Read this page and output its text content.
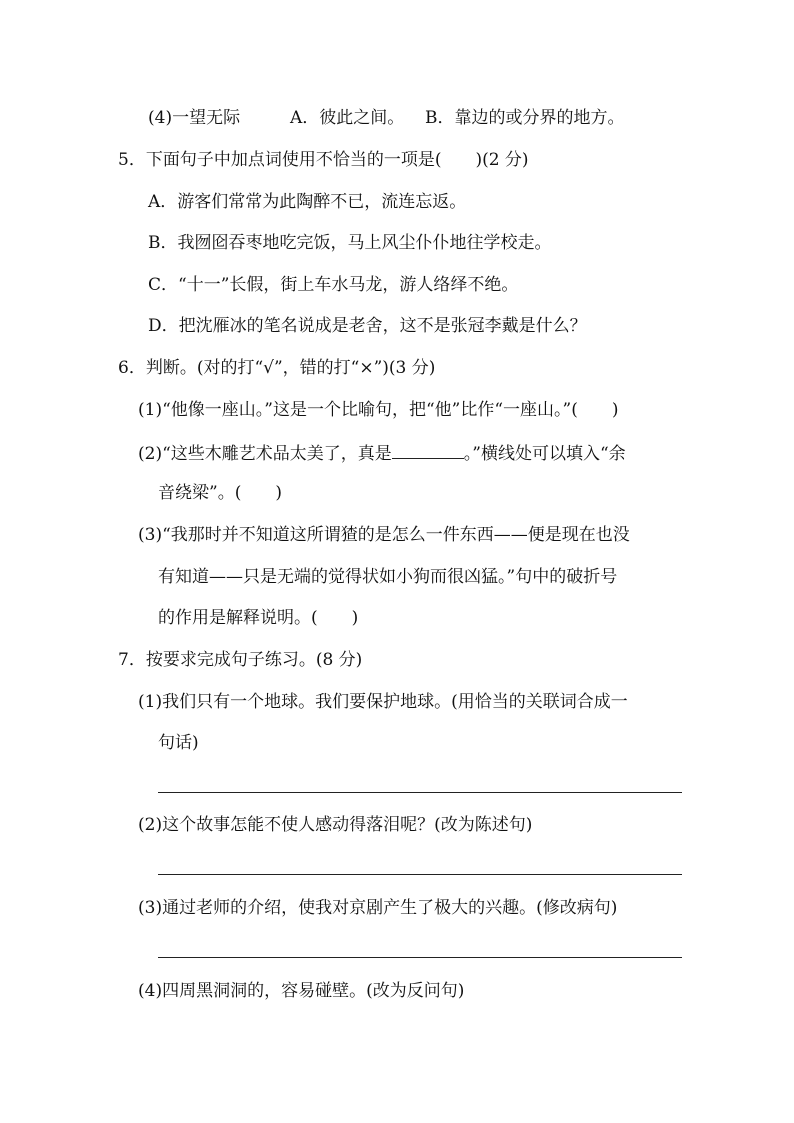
(4)一望无际	A．彼此之间。 B．靠边的或分界的地方。
5．下面句子中加点词使用不恰当的一项是(　　)(2 分)
A．游客们常常为此陶醉不已，流连忘返。
B．我囫囵吞枣地吃完饭，马上风尘仆仆地往学校走。
C．“十一”长假，街上车水马龙，游人络绎不绝。
D．把沈雁冰的笔名说成是老舍，这不是张冠李戴是什么？
6．判断。(对的打“√”，错的打“×”)(3 分)
(1)“他像一座山。”这是一个比喻句，把“他”比作“一座山。”(　　)
(2)“这些木雕艺术品太美了，真是	。”横线处可以填入“余
音绕梁”。(　　)
(3)“我那时并不知道这所谓猹的是怎么一件东西——便是现在也没
有知道——只是无端的觉得状如小狗而很凶猛。”句中的破折号
的作用是解释说明。(　　)
7．按要求完成句子练习。(8 分)
(1)我们只有一个地球。我们要保护地球。(用恰当的关联词合成一
句话)
(2)这个故事怎能不使人感动得落泪呢？(改为陈述句)
(3)通过老师的介绍，使我对京剧产生了极大的兴趣。(修改病句)
(4)四周黑洞洞的，容易碰壁。(改为反问句)
